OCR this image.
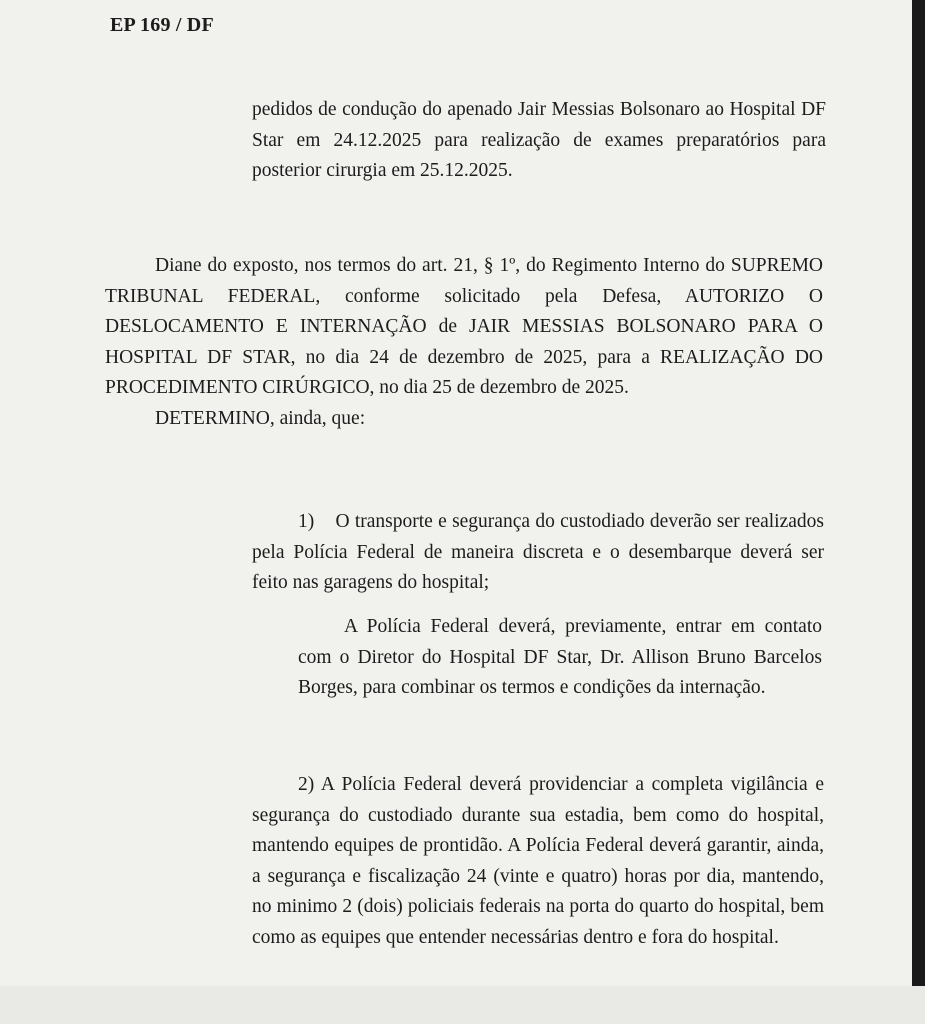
EP 169 / DF

pedidos de condução do apenado Jair Messias Bolsonaro ao Hospital DF Star em 24.12.2025 para realização de exames preparatórios para posterior cirurgia em 25.12.2025.

Diane do exposto, nos termos do art. 21, § 1º, do Regimento Interno do SUPREMO TRIBUNAL FEDERAL, conforme solicitado pela Defesa, AUTORIZO O DESLOCAMENTO E INTERNAÇÃO de JAIR MESSIAS BOLSONARO PARA O HOSPITAL DF STAR, no dia 24 de dezembro de 2025, para a REALIZAÇÃO DO PROCEDIMENTO CIRÚRGICO, no dia 25 de dezembro de 2025.

DETERMINO, ainda, que:

1)    O transporte e segurança do custodiado deverão ser realizados pela Polícia Federal de maneira discreta e o desembarque deverá ser feito nas garagens do hospital;

A Polícia Federal deverá, previamente, entrar em contato com o Diretor do Hospital DF Star, Dr. Allison Bruno Barcelos Borges, para combinar os termos e condições da internação.

2) A Polícia Federal deverá providenciar a completa vigilância e segurança do custodiado durante sua estadia, bem como do hospital, mantendo equipes de prontidão. A Polícia Federal deverá garantir, ainda, a segurança e fiscalização 24 (vinte e quatro) horas por dia, mantendo, no minimo 2 (dois) policiais federais na porta do quarto do hospital, bem como as equipes que entender necessárias dentro e fora do hospital.
